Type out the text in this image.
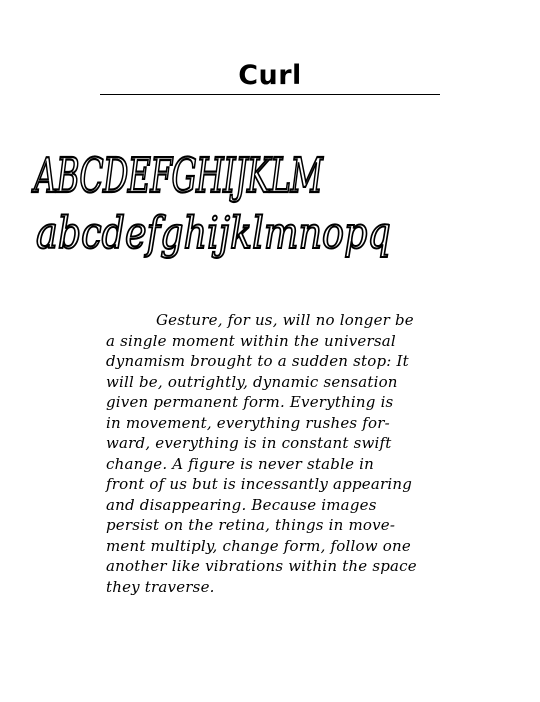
Curl
ABCDEFGHIJKLM
abcdefghijklmnopq
Gesture, for us, will no longer be
a single moment within the universal
dynamism brought to a sudden stop: It
will be, outrightly, dynamic sensation
given permanent form. Everything is
in movement, everything rushes for-
ward, everything is in constant swift
change. A figure is never stable in
front of us but is incessantly appearing
and disappearing. Because images
persist on the retina, things in move-
ment multiply, change form, follow one
another like vibrations within the space
they traverse.
